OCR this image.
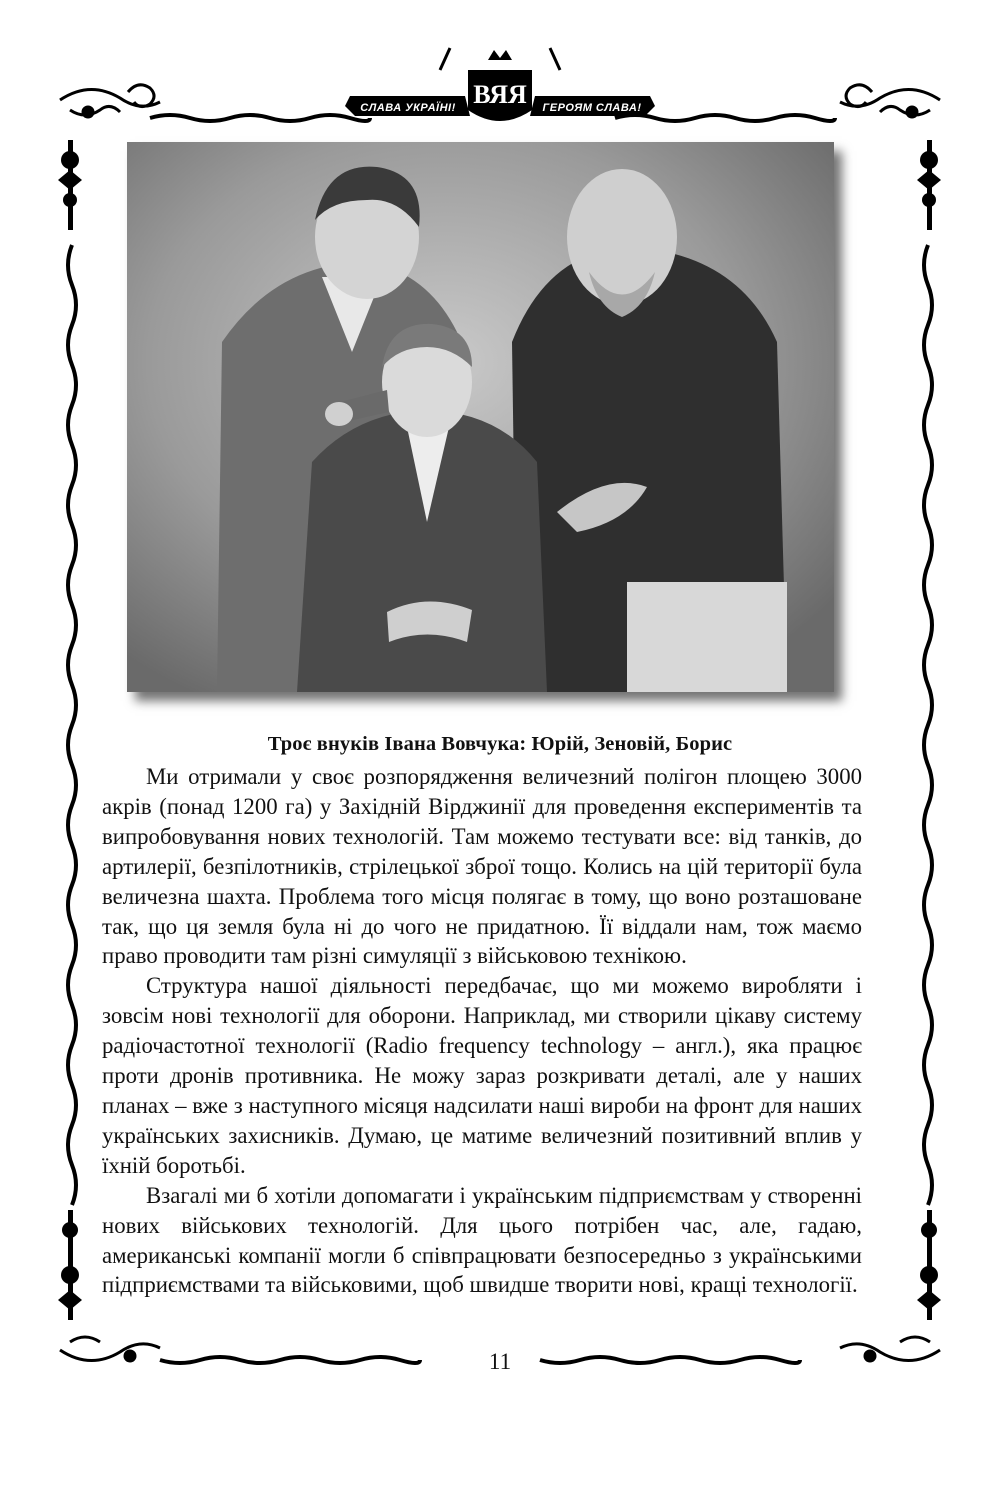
СЛАВА УКРАЇНІ!	ГЕРОЯМ СЛАВА!
ВЯЯ
Троє внуків Івана Вовчука: Юрій, Зеновій, Борис

Ми отримали у своє розпорядження величезний полігон площею 3000 акрів (понад 1200 га) у Західній Вірджинії для проведення експериментів та випробовування нових технологій. Там можемо тестувати все: від танків, до артилерії, безпілотників, стрілецької зброї тощо. Колись на цій території була величезна шахта. Проблема того місця полягає в тому, що воно розташоване так, що ця земля була ні до чого не придатною. Її віддали нам, тож маємо право проводити там різні симуляції з військовою технікою.

Структура нашої діяльності передбачає, що ми можемо виробляти і зовсім нові технології для оборони. Наприклад, ми створили цікаву систему радіочастотної технології (Radio frequency technology – англ.), яка працює проти дронів противника. Не можу зараз розкривати деталі, але у наших планах – вже з наступного місяця надсилати наші вироби на фронт для наших українських захисників. Думаю, це матиме величезний позитивний вплив у їхній боротьбі.

Взагалі ми б хотіли допомагати і українським підприємствам у створенні нових військових технологій. Для цього потрібен час, але, гадаю, американські компанії могли б співпрацювати безпосередньо з українськими підприємствами та військовими, щоб швидше творити нові, кращі технології.

11
